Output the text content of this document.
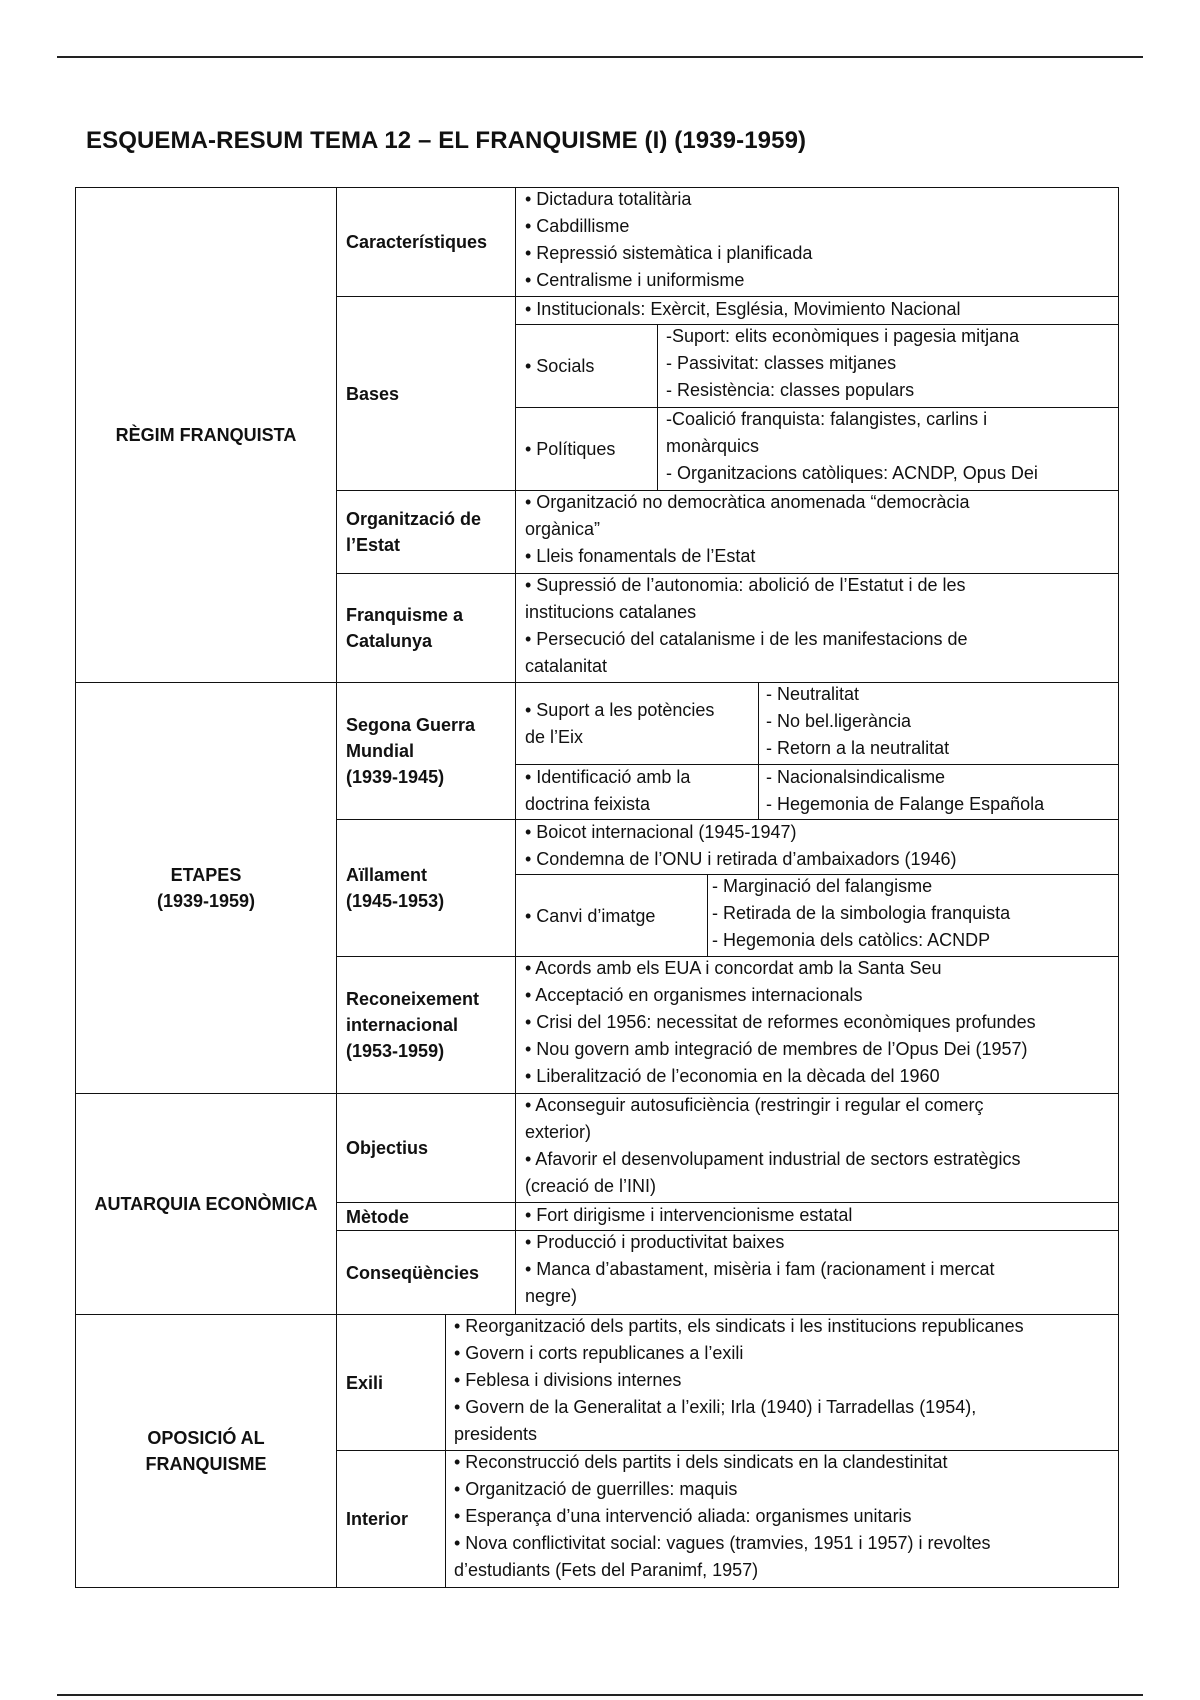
ESQUEMA-RESUM TEMA 12 – EL FRANQUISME (I) (1939-1959)
RÈGIM FRANQUISTA
Característiques
• Dictadura totalitària
• Cabdillisme
• Repressió sistemàtica i planificada
• Centralisme i uniformisme
Bases
• Institucionals: Exèrcit, Església, Movimiento Nacional
• Socials
-Suport: elits econòmiques i pagesia mitjana
- Passivitat: classes mitjanes
- Resistència: classes populars
• Polítiques
-Coalició franquista: falangistes, carlins i
monàrquics
- Organitzacions catòliques: ACNDP, Opus Dei
Organització de
l’Estat
• Organització no democràtica anomenada “democràcia
orgànica”
• Lleis fonamentals de l’Estat
Franquisme a
Catalunya
• Supressió de l’autonomia: abolició de l’Estatut i de les
institucions catalanes
• Persecució del catalanisme i de les manifestacions de
catalanitat
ETAPES
(1939-1959)
Segona Guerra
Mundial
(1939-1945)
• Suport a les potències
de l’Eix
- Neutralitat
- No bel.ligerància
- Retorn a la neutralitat
• Identificació amb la
doctrina feixista
- Nacionalsindicalisme
- Hegemonia de Falange Española
Aïllament
(1945-1953)
• Boicot internacional (1945-1947)
• Condemna de l’ONU i retirada d’ambaixadors (1946)
• Canvi d’imatge
- Marginació del falangisme
- Retirada de la simbologia franquista
- Hegemonia dels catòlics: ACNDP
Reconeixement
internacional
(1953-1959)
• Acords amb els EUA i concordat amb la Santa Seu
• Acceptació en organismes internacionals
• Crisi del 1956: necessitat de reformes econòmiques profundes
• Nou govern amb integració de membres de l’Opus Dei (1957)
• Liberalització de l’economia en la dècada del 1960
AUTARQUIA ECONÒMICA
Objectius
• Aconseguir autosuficiència (restringir i regular el comerç
exterior)
• Afavorir el desenvolupament industrial de sectors estratègics
(creació de l’INI)
Mètode	• Fort dirigisme i intervencionisme estatal
Conseqüències
• Producció i productivitat baixes
• Manca d’abastament, misèria i fam (racionament i mercat
negre)
OPOSICIÓ AL
FRANQUISME
Exili
• Reorganització dels partits, els sindicats i les institucions republicanes
• Govern i corts republicanes a l’exili
• Feblesa i divisions internes
• Govern de la Generalitat a l’exili; Irla (1940) i Tarradellas (1954),
presidents
Interior
• Reconstrucció dels partits i dels sindicats en la clandestinitat
• Organització de guerrilles: maquis
• Esperança d’una intervenció aliada: organismes unitaris
• Nova conflictivitat social: vagues (tramvies, 1951 i 1957) i revoltes
d’estudiants (Fets del Paranimf, 1957)
